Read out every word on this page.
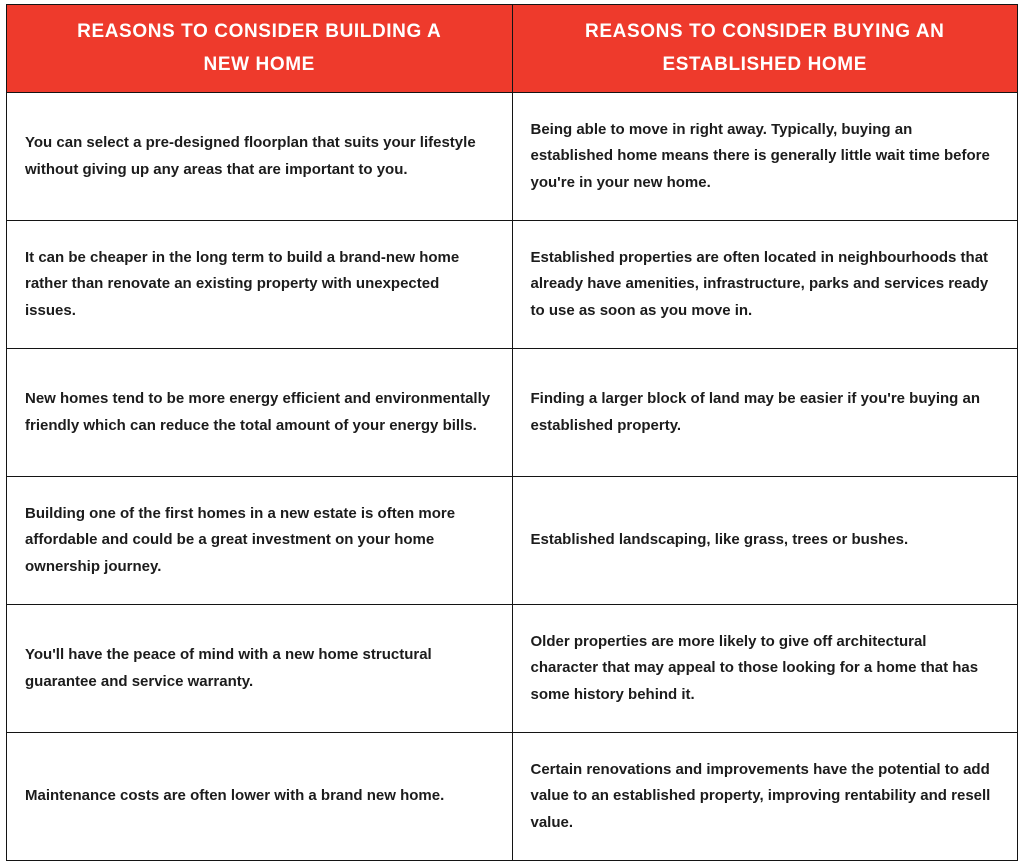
REASONS TO CONSIDER BUILDING A NEW HOME	REASONS TO CONSIDER BUYING AN ESTABLISHED HOME
You can select a pre-designed floorplan that suits your lifestyle without giving up any areas that are important to you.	Being able to move in right away. Typically, buying an established home means there is generally little wait time before you're in your new home.
It can be cheaper in the long term to build a brand-new home rather than renovate an existing property with unexpected issues.	Established properties are often located in neighbourhoods that already have amenities, infrastructure, parks and services ready to use as soon as you move in.
New homes tend to be more energy efficient and environmentally friendly which can reduce the total amount of your energy bills.	Finding a larger block of land may be easier if you're buying an established property.
Building one of the first homes in a new estate is often more affordable and could be a great investment on your home ownership journey.	Established landscaping, like grass, trees or bushes.
You'll have the peace of mind with a new home structural guarantee and service warranty.	Older properties are more likely to give off architectural character that may appeal to those looking for a home that has some history behind it.
Maintenance costs are often lower with a brand new home.	Certain renovations and improvements have the potential to add value to an established property, improving rentability and resell value.
